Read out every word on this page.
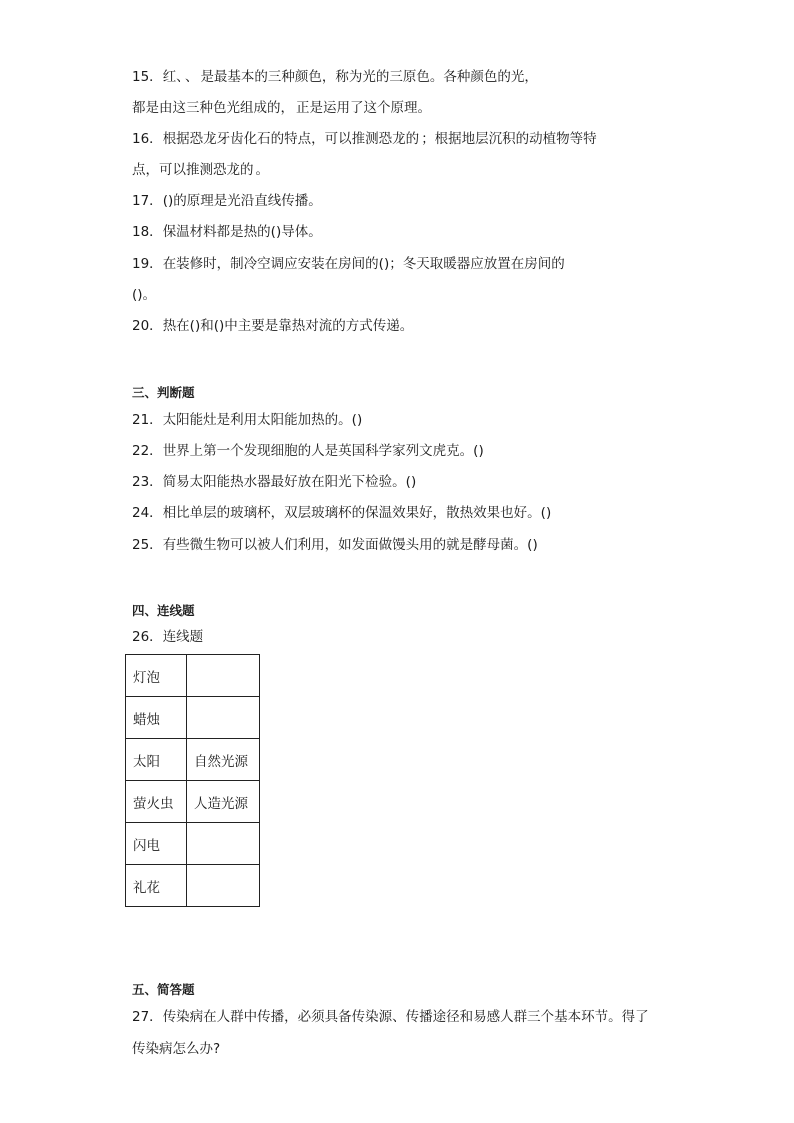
15．红、 、 是最基本的三种颜色，称为光的三原色。各种颜色的光，
都是由这三种色光组成的， 正是运用了这个原理。
16．根据恐龙牙齿化石的特点，可以推测恐龙的 ；根据地层沉积的动植物等特
点，可以推测恐龙的 。
17．()的原理是光沿直线传播。
18．保温材料都是热的()导体。
19．在装修时，制冷空调应安装在房间的()；冬天取暖器应放置在房间的
()。
20．热在()和()中主要是靠热对流的方式传递。
三、判断题
21．太阳能灶是利用太阳能加热的。()
22．世界上第一个发现细胞的人是英国科学家列文虎克。()
23．简易太阳能热水器最好放在阳光下检验。()
24．相比单层的玻璃杯，双层玻璃杯的保温效果好，散热效果也好。()
25．有些微生物可以被人们利用，如发面做馒头用的就是酵母菌。()
四、连线题
26．连线题
灯泡	
蜡烛	
太阳	自然光源
萤火虫	人造光源
闪电	
礼花	
五、简答题
27．传染病在人群中传播，必须具备传染源、传播途径和易感人群三个基本环节。得了
传染病怎么办?
